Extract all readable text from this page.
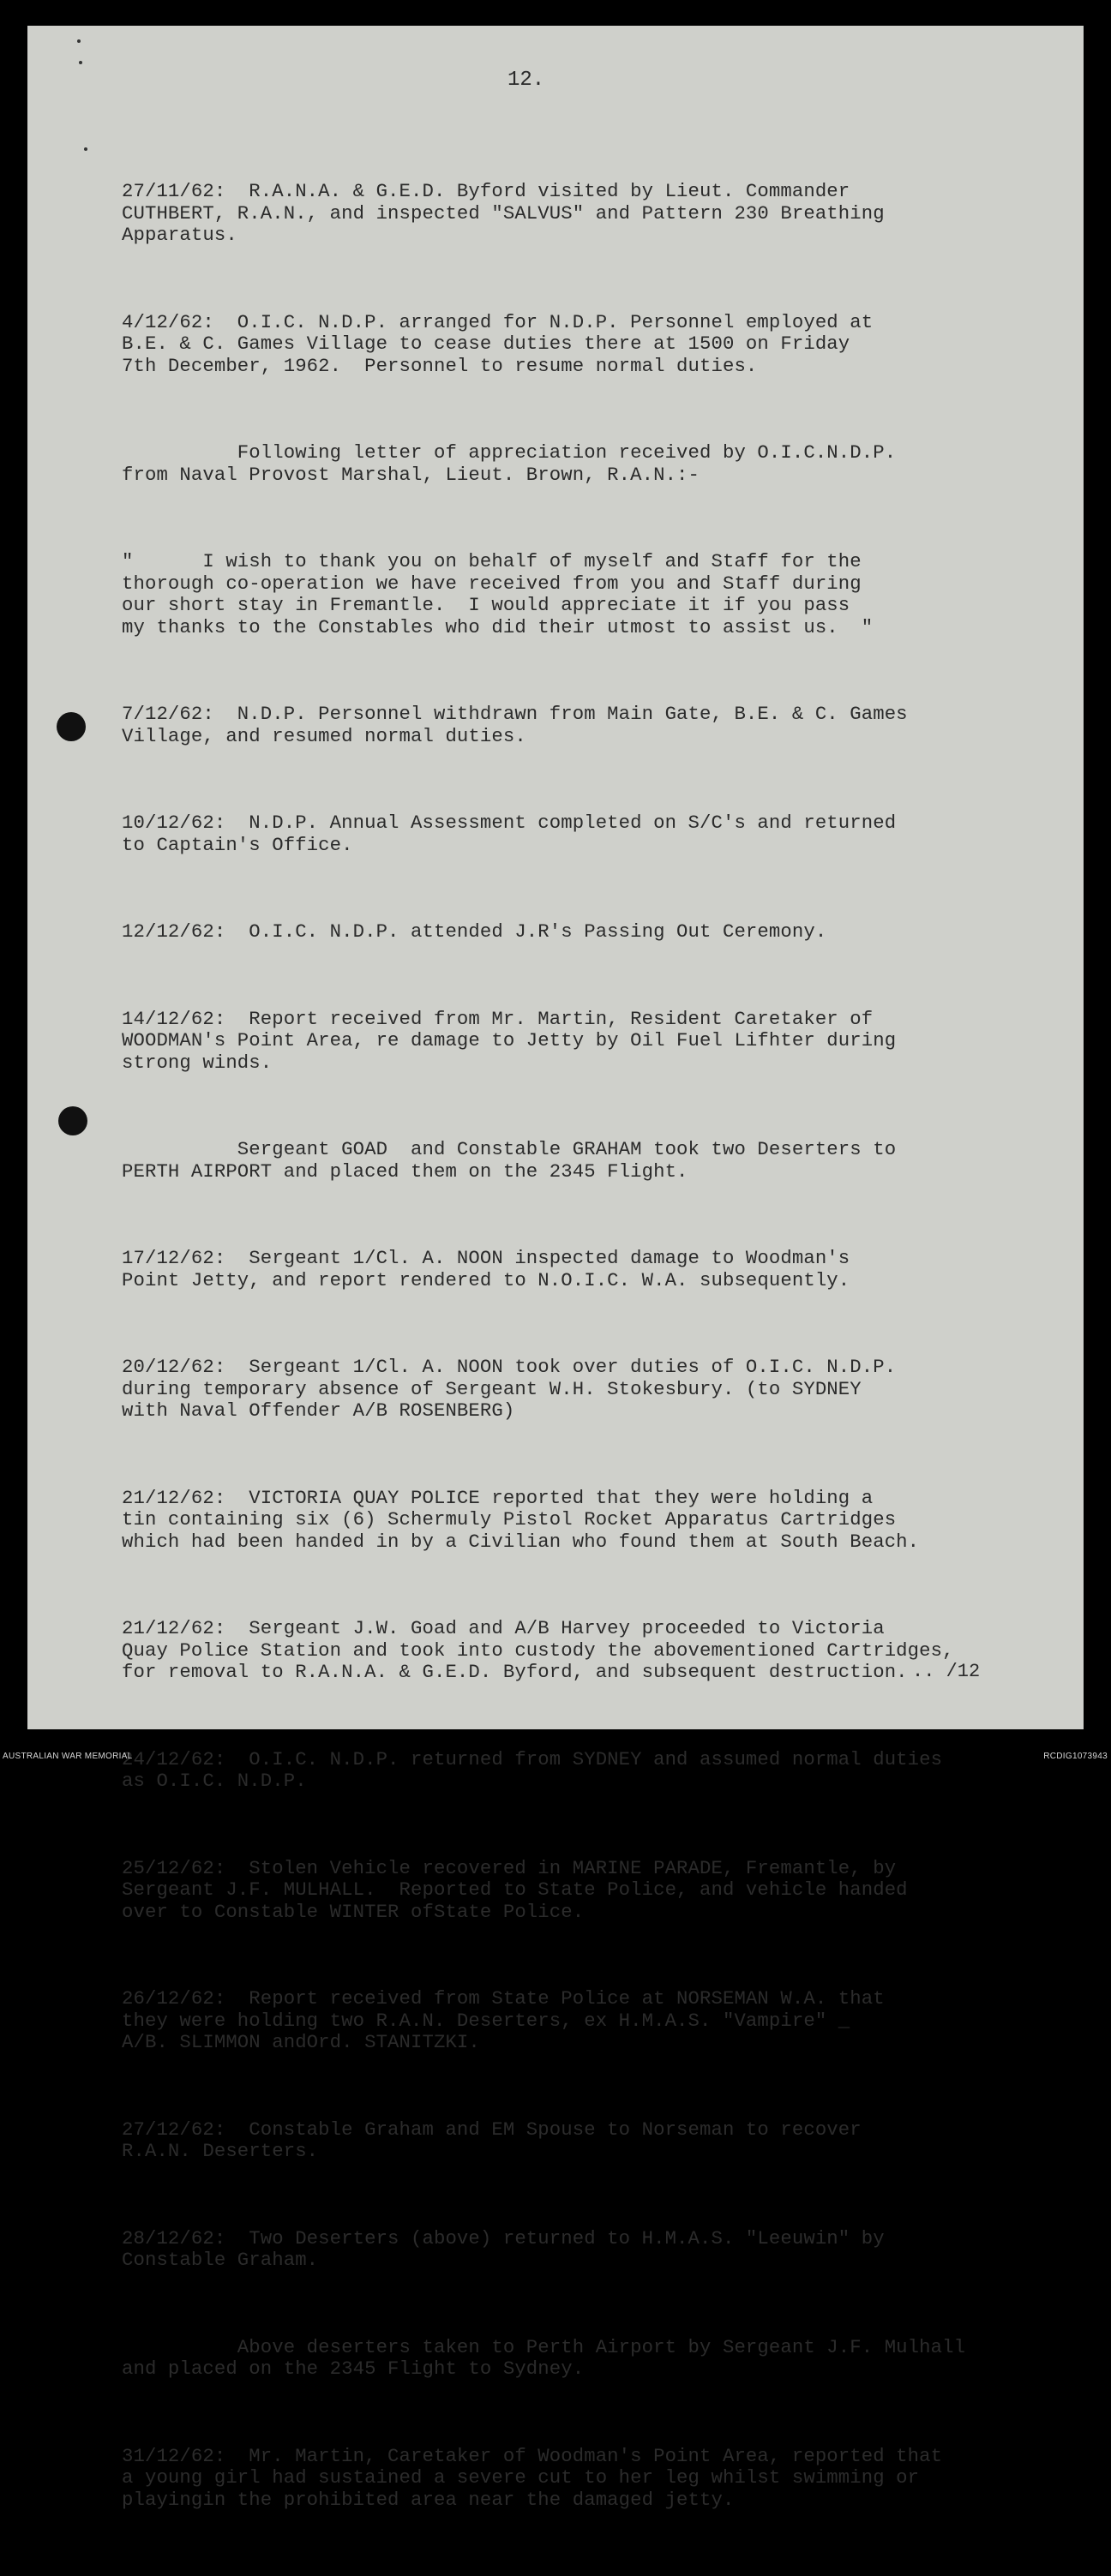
12.

27/11/62:  R.A.N.A. & G.E.D. Byford visited by Lieut. Commander
CUTHBERT, R.A.N., and inspected "SALVUS" and Pattern 230 Breathing
Apparatus.

4/12/62:  O.I.C. N.D.P. arranged for N.D.P. Personnel employed at
B.E. & C. Games Village to cease duties there at 1500 on Friday
7th December, 1962.  Personnel to resume normal duties.

Following letter of appreciation received by O.I.C.N.D.P.
from Naval Provost Marshal, Lieut. Brown, R.A.N.:-

"      I wish to thank you on behalf of myself and Staff for the
thorough co-operation we have received from you and Staff during
our short stay in Fremantle.  I would appreciate it if you pass
my thanks to the Constables who did their utmost to assist us.  "

7/12/62:  N.D.P. Personnel withdrawn from Main Gate, B.E. & C. Games
Village, and resumed normal duties.

10/12/62:  N.D.P. Annual Assessment completed on S/C's and returned
to Captain's Office.

12/12/62:  O.I.C. N.D.P. attended J.R's Passing Out Ceremony.

14/12/62:  Report received from Mr. Martin, Resident Caretaker of
WOODMAN's Point Area, re damage to Jetty by Oil Fuel Lifhter during
strong winds.

Sergeant GOAD  and Constable GRAHAM took two Deserters to
PERTH AIRPORT and placed them on the 2345 Flight.

17/12/62:  Sergeant 1/Cl. A. NOON inspected damage to Woodman's
Point Jetty, and report rendered to N.O.I.C. W.A. subsequently.

20/12/62:  Sergeant 1/Cl. A. NOON took over duties of O.I.C. N.D.P.
during temporary absence of Sergeant W.H. Stokesbury. (to SYDNEY
with Naval Offender A/B ROSENBERG)

21/12/62:  VICTORIA QUAY POLICE reported that they were holding a
tin containing six (6) Schermuly Pistol Rocket Apparatus Cartridges
which had been handed in by a Civilian who found them at South Beach.

21/12/62:  Sergeant J.W. Goad and A/B Harvey proceeded to Victoria
Quay Police Station and took into custody the abovementioned Cartridges,
for removal to R.A.N.A. & G.E.D. Byford, and subsequent destruction.

24/12/62:  O.I.C. N.D.P. returned from SYDNEY and assumed normal duties
as O.I.C. N.D.P.

25/12/62:  Stolen Vehicle recovered in MARINE PARADE, Fremantle, by
Sergeant J.F. MULHALL.  Reported to State Police, and vehicle handed
over to Constable WINTER ofState Police.

26/12/62:  Report received from State Police at NORSEMAN W.A. that
they were holding two R.A.N. Deserters, ex H.M.A.S. "Vampire" _
A/B. SLIMMON andOrd. STANITZKI.

27/12/62:  Constable Graham and EM Spouse to Norseman to recover
R.A.N. Deserters.

28/12/62:  Two Deserters (above) returned to H.M.A.S. "Leeuwin" by
Constable Graham.

Above deserters taken to Perth Airport by Sergeant J.F. Mulhall
and placed on the 2345 Flight to Sydney.

31/12/62:  Mr. Martin, Caretaker of Woodman's Point Area, reported that
a young girl had sustained a severe cut to her leg whilst swimming or
playingin the prohibited area near the damaged jetty.

.. /12
AUSTRALIAN WAR MEMORIAL	RCDIG1073943
